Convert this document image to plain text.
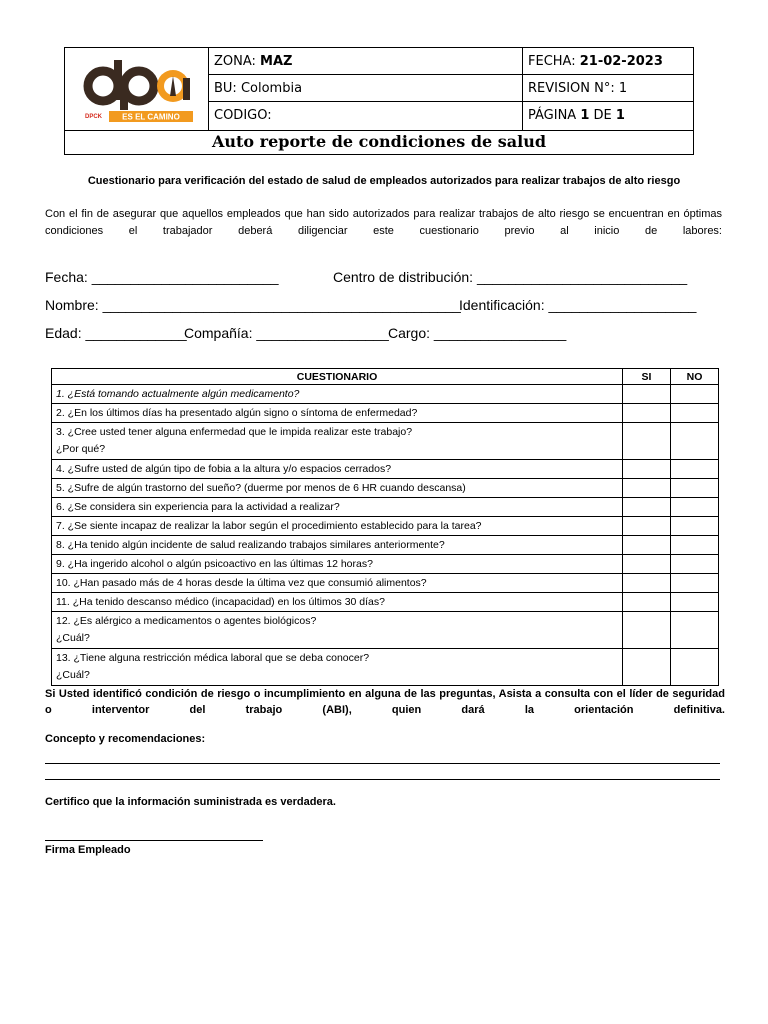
DPCK	ES EL CAMINO
ZONA: MAZ	FECHA: 21-02-2023
BU: Colombia	REVISION N°: 1
CODIGO:	PÁGINA 1 DE 1
Auto reporte de condiciones de salud
Cuestionario para verificación del estado de salud de empleados autorizados para realizar trabajos de alto riesgo
Con el fin de asegurar que aquellos empleados que han sido autorizados para realizar trabajos de alto riesgo se encuentran en óptimas condiciones el trabajador deberá diligenciar este cuestionario previo al inicio de labores:
Fecha: ________________________	Centro de distribución: ___________________________
Nombre: ______________________________________________
Identificación: ___________________
Edad: _____________
Compañía: _________________ Cargo: _________________
CUESTIONARIO	SI	NO

1. ¿Está tomando actualmente algún medicamento?		

2. ¿En los últimos días ha presentado algún signo o síntoma de enfermedad?		

3. ¿Cree usted tener alguna enfermedad que le impida realizar este trabajo?
¿Por qué?		

4. ¿Sufre usted de algún tipo de fobia a la altura y/o espacios cerrados?		

5. ¿Sufre de algún trastorno del sueño? (duerme por menos de 6 HR cuando descansa)		

6. ¿Se considera sin experiencia para la actividad a realizar?		

7. ¿Se siente incapaz de realizar la labor según el procedimiento establecido para la tarea?		

8. ¿Ha tenido algún incidente de salud realizando trabajos similares anteriormente?		

9. ¿Ha ingerido alcohol o algún psicoactivo en las últimas 12 horas?		

10. ¿Han pasado más de 4 horas desde la última vez que consumió alimentos?		

11. ¿Ha tenido descanso médico (incapacidad) en los últimos 30 días?		

12. ¿Es alérgico a medicamentos o agentes biológicos?
¿Cuál?		

13. ¿Tiene alguna restricción médica laboral que se deba conocer?
¿Cuál?		

Si Usted identificó condición de riesgo o incumplimiento en alguna de las preguntas, Asista a consulta con el líder de seguridad o interventor del trabajo (ABI), quien dará la orientación definitiva.
Concepto y recomendaciones:
Certifico que la información suministrada es verdadera.
Firma Empleado
